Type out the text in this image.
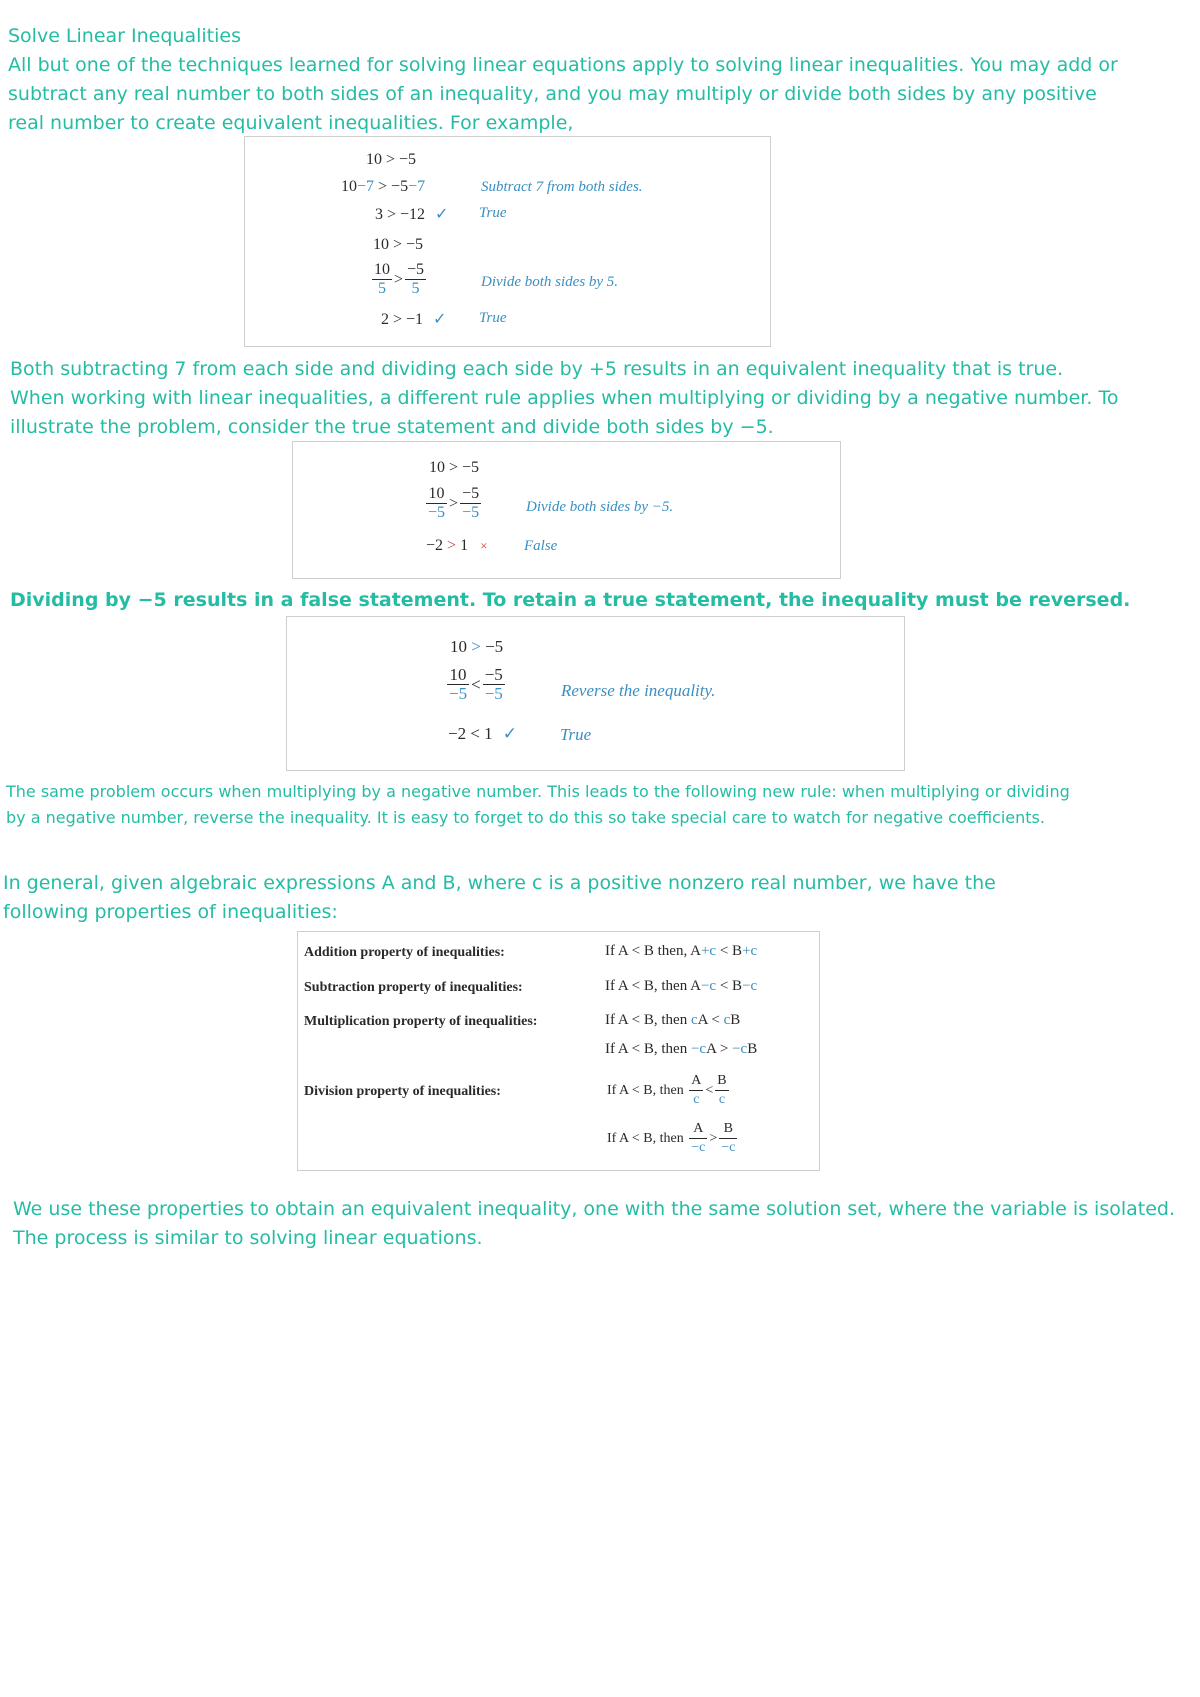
Solve Linear Inequalities

All but one of the techniques learned for solving linear equations apply to solving linear inequalities. You may add or

subtract any real number to both sides of an inequality, and you may multiply or divide both sides by any positive

real number to create equivalent inequalities. For example,

10 > −5
10−7 > −5−7	Subtract 7 from both sides.
3 > −12 ✓ True
10 > −5
$\frac{10}{5} > \frac{-5}{5}$	Divide both sides by 5.
2 > −1 ✓ True

Both subtracting 7 from each side and dividing each side by +5 results in an equivalent inequality that is true.

When working with linear inequalities, a different rule applies when multiplying or dividing by a negative number. To

illustrate the problem, consider the true statement and divide both sides by −5.

10 > −5
$\frac{10}{-5} > \frac{-5}{-5}$	Divide both sides by −5.
−2 > 1 × False

Dividing by −5 results in a false statement. To retain a true statement, the inequality must be reversed.

10 > −5
$\frac{10}{-5} < \frac{-5}{-5}$	Reverse the inequality.
−2 < 1 ✓	True

The same problem occurs when multiplying by a negative number. This leads to the following new rule: when multiplying or dividing

by a negative number, reverse the inequality. It is easy to forget to do this so take special care to watch for negative coefficients.

In general, given algebraic expressions A and B, where c is a positive nonzero real number, we have the

following properties of inequalities:

Addition property of inequalities:	If A < B then, A+c < B+c
Subtraction property of inequalities:	If A < B, then A−c < B−c
Multiplication property of inequalities:	If A < B, then cA < cB
If A < B, then −cA > −cB
Division property of inequalities:	If A < B, then $\frac{A}{c} < \frac{B}{c}$
If A < B, then $\frac{A}{-c} > \frac{B}{-c}$

We use these properties to obtain an equivalent inequality, one with the same solution set, where the variable is isolated.

The process is similar to solving linear equations.
